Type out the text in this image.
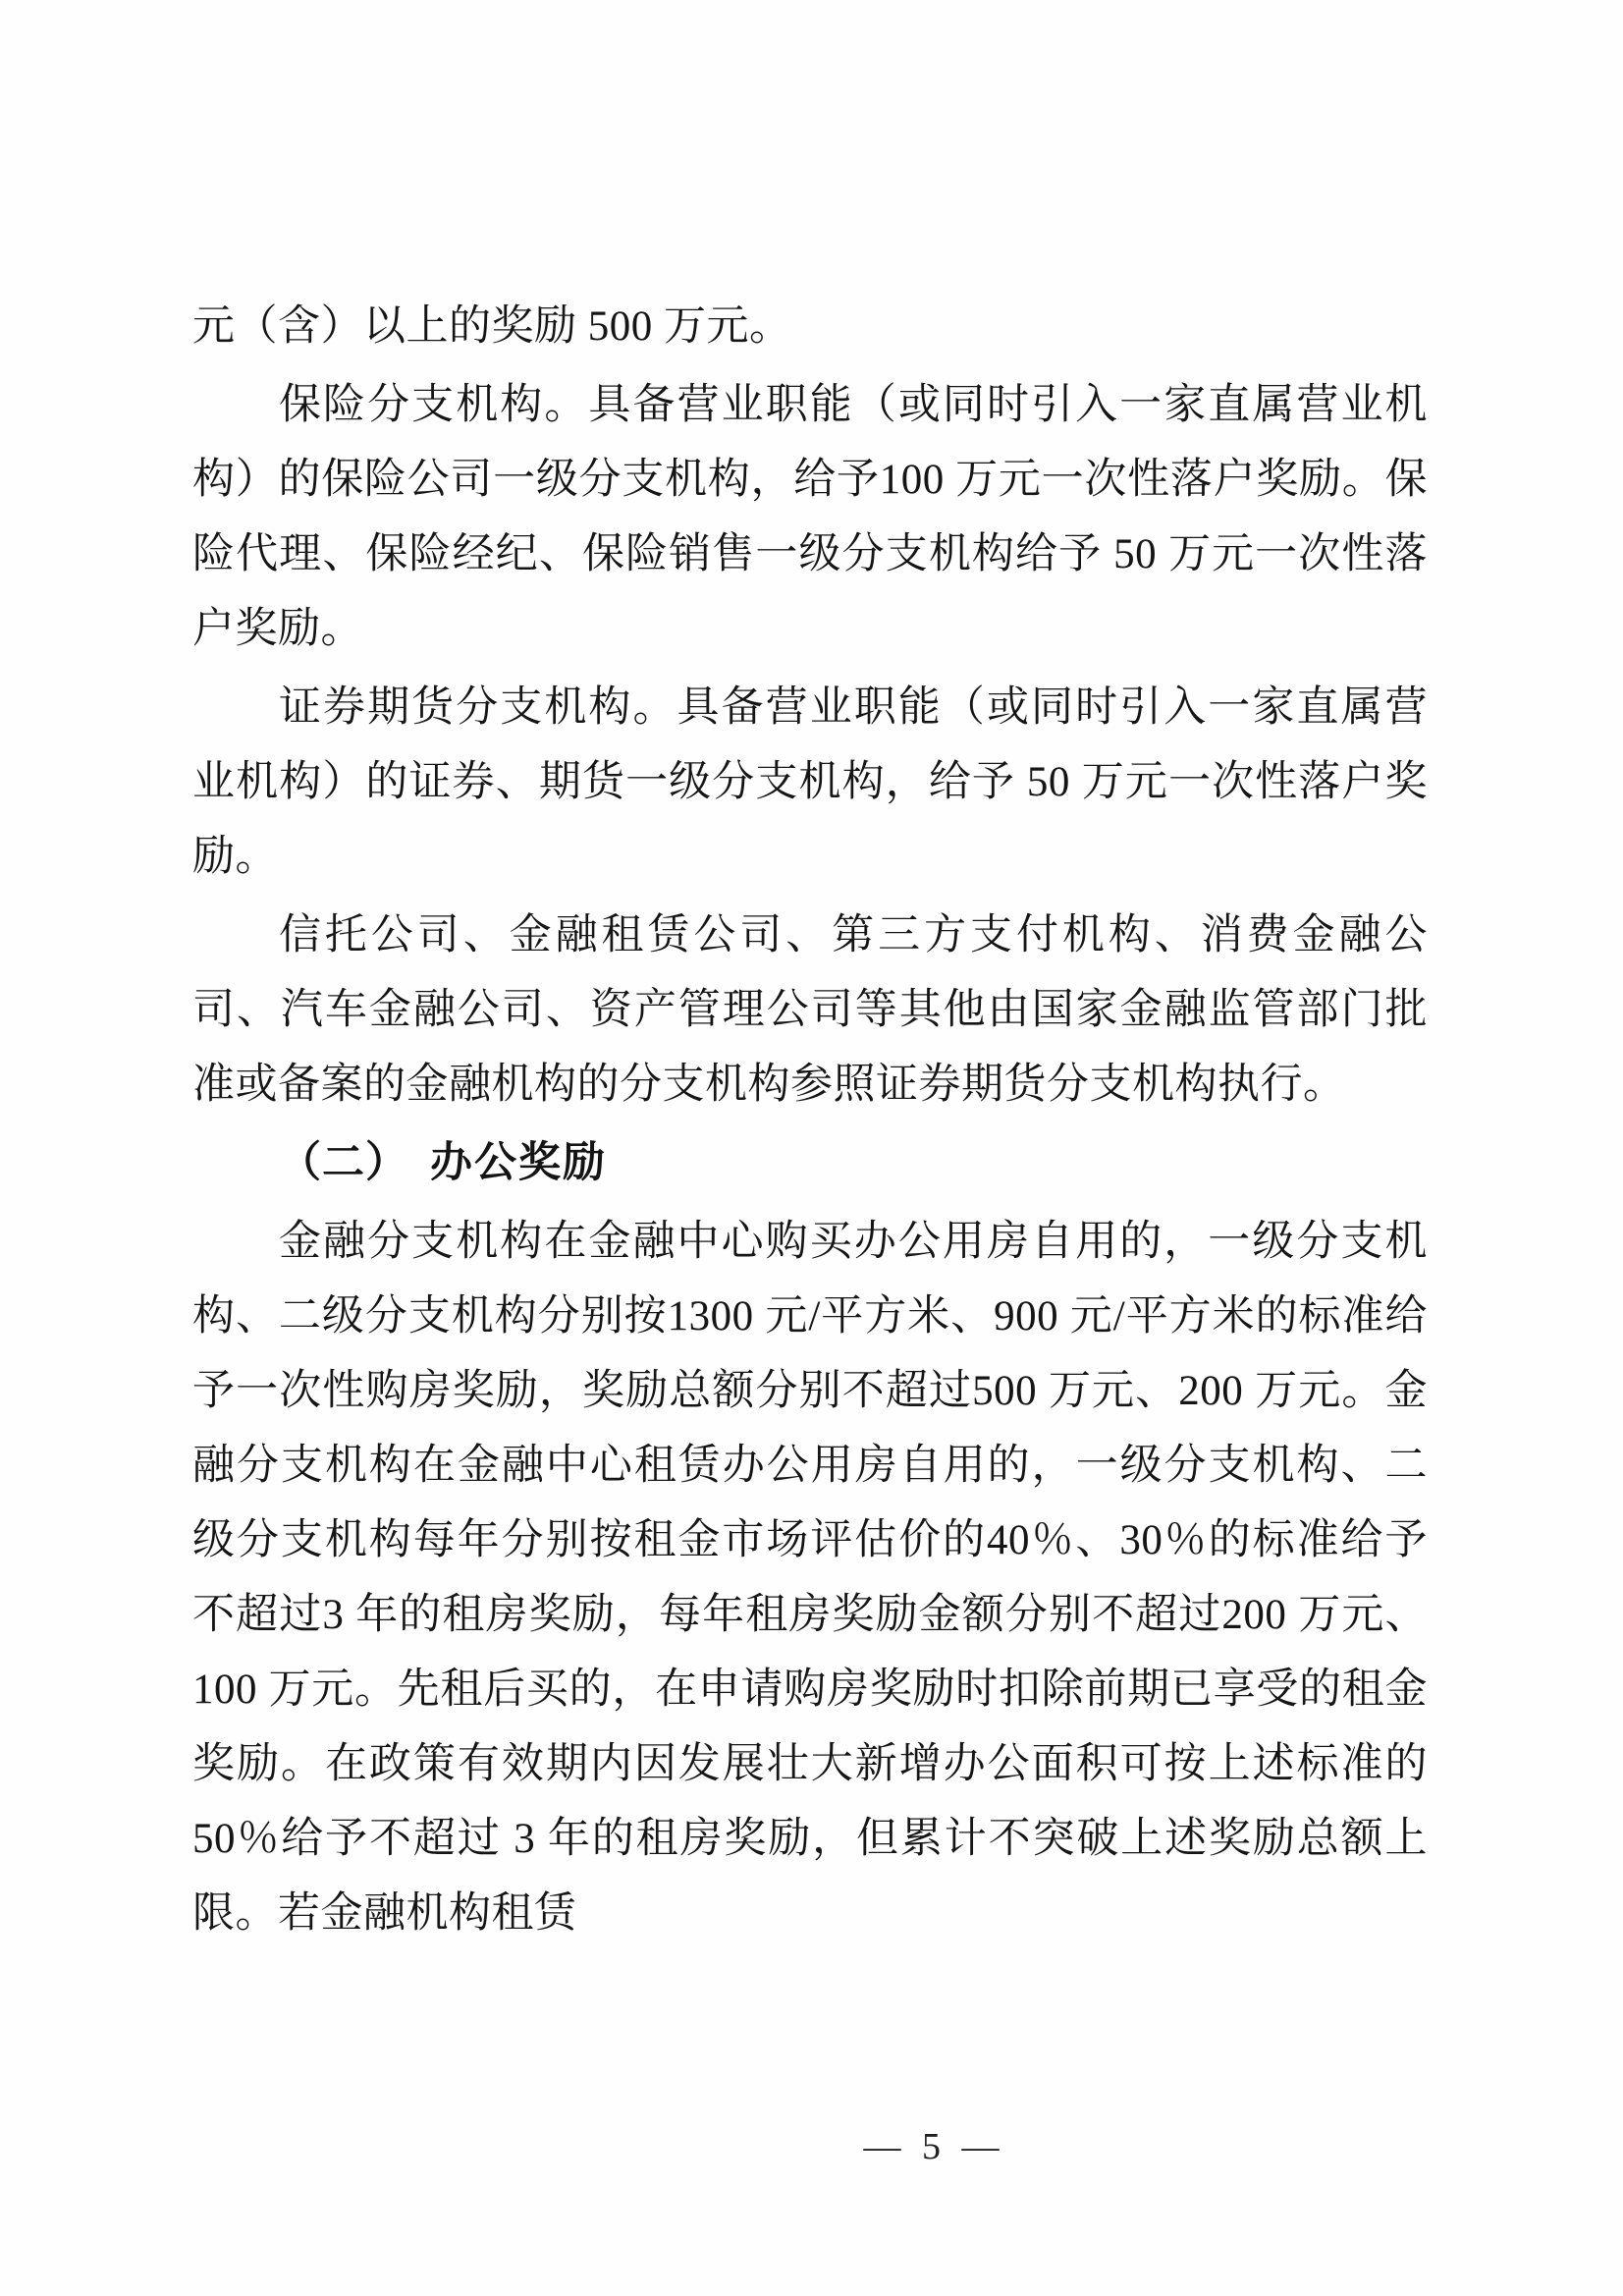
元（含）以上的奖励 500 万元。

保险分支机构。具备营业职能（或同时引入一家直属营业机构）的保险公司一级分支机构，给予100 万元一次性落户奖励。保险代理、保险经纪、保险销售一级分支机构给予 50 万元一次性落户奖励。

证券期货分支机构。具备营业职能（或同时引入一家直属营业机构）的证券、期货一级分支机构，给予 50 万元一次性落户奖励。

信托公司、金融租赁公司、第三方支付机构、消费金融公司、汽车金融公司、资产管理公司等其他由国家金融监管部门批准或备案的金融机构的分支机构参照证券期货分支机构执行。

（二） 办公奖励

金融分支机构在金融中心购买办公用房自用的，一级分支机构、二级分支机构分别按1300 元/平方米、900 元/平方米的标准给予一次性购房奖励，奖励总额分别不超过500 万元、200 万元。金融分支机构在金融中心租赁办公用房自用的，一级分支机构、二级分支机构每年分别按租金市场评估价的40％、30％的标准给予不超过3 年的租房奖励，每年租房奖励金额分别不超过200 万元、100 万元。先租后买的，在申请购房奖励时扣除前期已享受的租金奖励。在政策有效期内因发展壮大新增办公面积可按上述标准的 50％给予不超过 3 年的租房奖励，但累计不突破上述奖励总额上限。若金融机构租赁

— 5 —
